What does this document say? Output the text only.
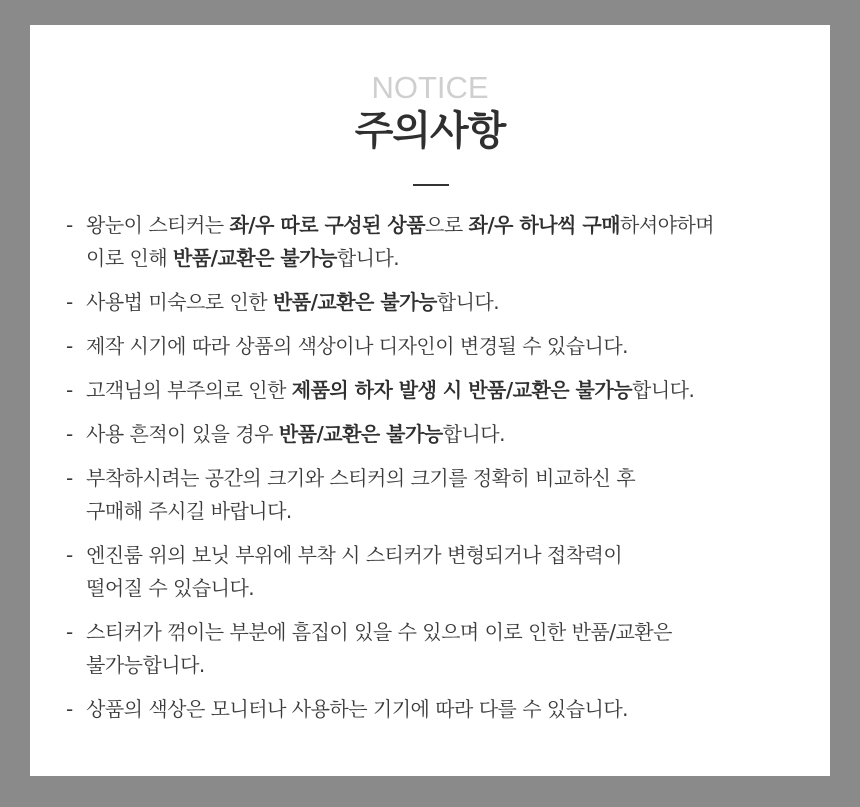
NOTICE
주의사항
- 왕눈이 스티커는 좌/우 따로 구성된 상품으로 좌/우 하나씩 구매하셔야하며
이로 인해 반품/교환은 불가능합니다.
- 사용법 미숙으로 인한 반품/교환은 불가능합니다.
- 제작 시기에 따라 상품의 색상이나 디자인이 변경될 수 있습니다.
- 고객님의 부주의로 인한 제품의 하자 발생 시 반품/교환은 불가능합니다.
- 사용 흔적이 있을 경우 반품/교환은 불가능합니다.
- 부착하시려는 공간의 크기와 스티커의 크기를 정확히 비교하신 후
구매해 주시길 바랍니다.
- 엔진룸 위의 보닛 부위에 부착 시 스티커가 변형되거나 접착력이
떨어질 수 있습니다.
- 스티커가 꺾이는 부분에 흠집이 있을 수 있으며 이로 인한 반품/교환은
불가능합니다.
- 상품의 색상은 모니터나 사용하는 기기에 따라 다를 수 있습니다.
